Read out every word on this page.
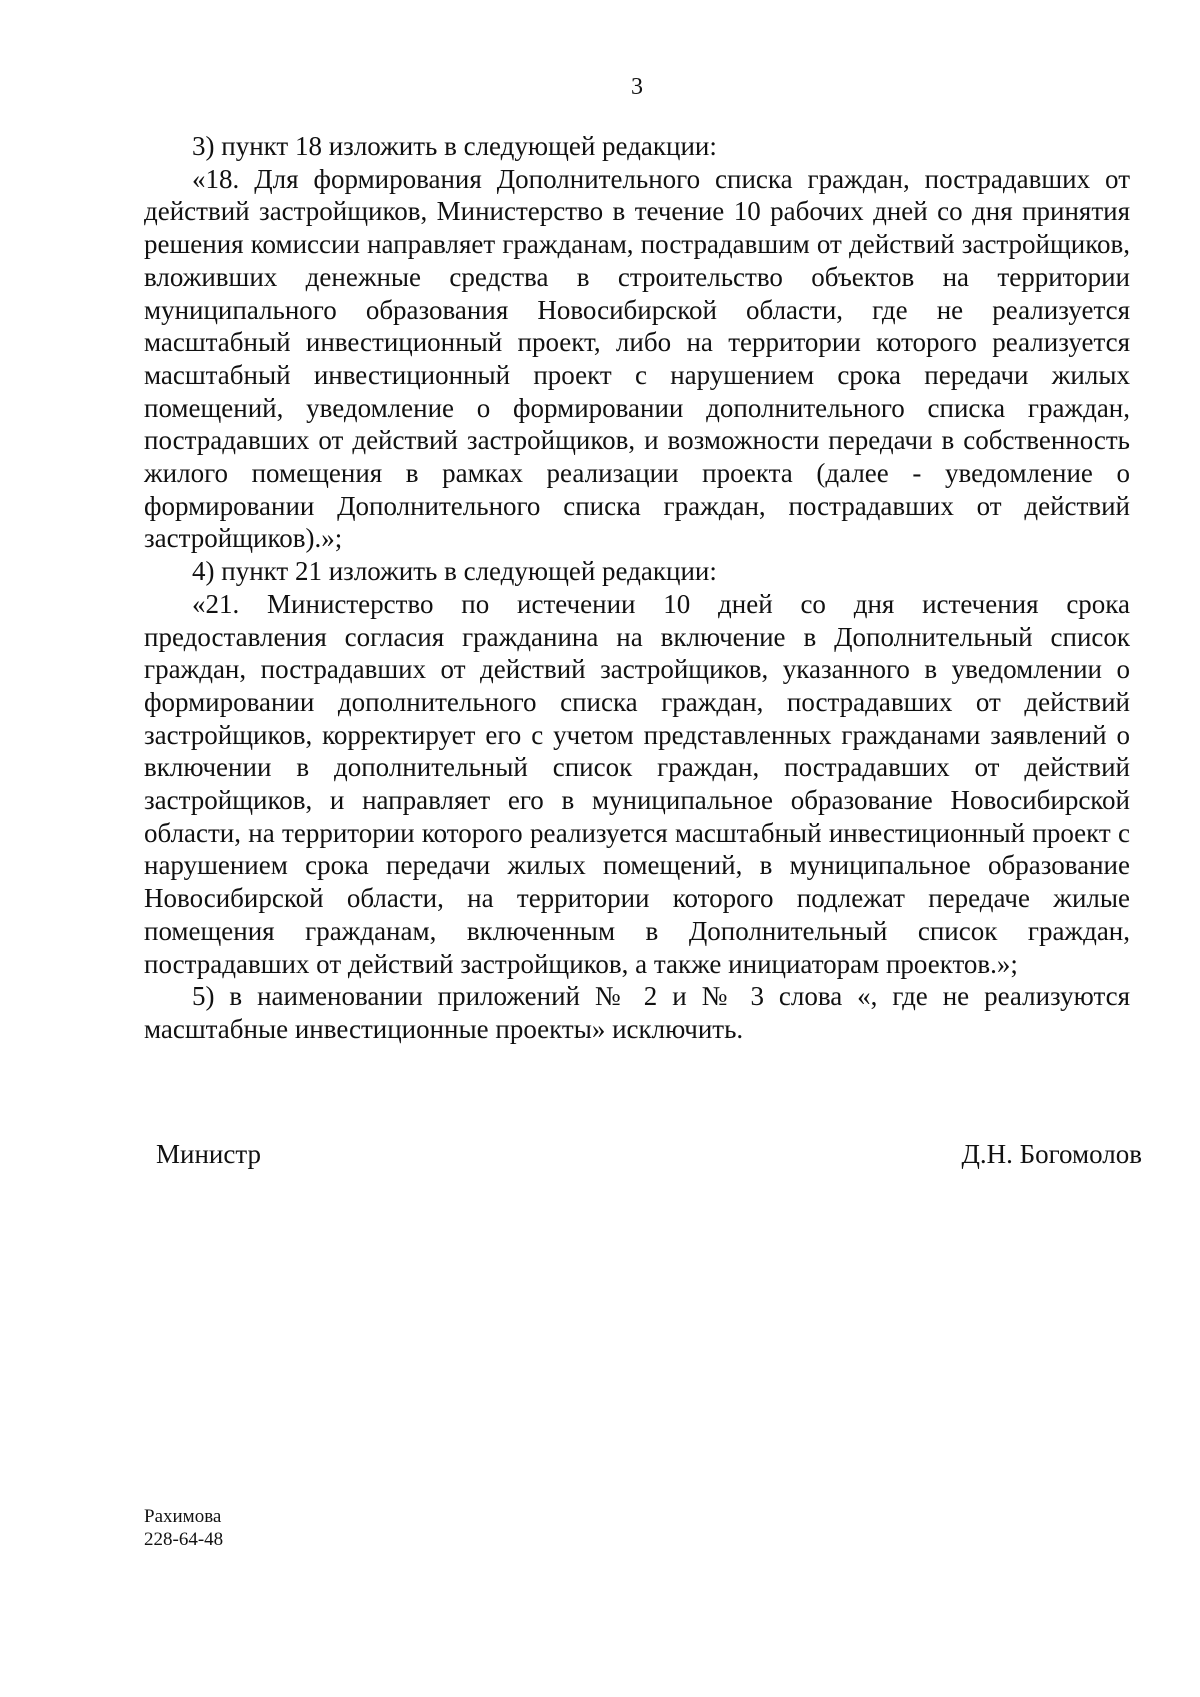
3

3) пункт 18 изложить в следующей редакции:

«18. Для формирования Дополнительного списка граждан, пострадавших от действий застройщиков, Министерство в течение 10 рабочих дней со дня принятия решения комиссии направляет гражданам, пострадавшим от действий застройщиков, вложивших денежные средства в строительство объектов на территории муниципального образования Новосибирской области, где не реализуется масштабный инвестиционный проект, либо на территории которого реализуется масштабный инвестиционный проект с нарушением срока передачи жилых помещений, уведомление о формировании дополнительного списка граждан, пострадавших от действий застройщиков, и возможности передачи в собственность жилого помещения в рамках реализации проекта (далее - уведомление о формировании Дополнительного списка граждан, пострадавших от действий застройщиков).»;

4) пункт 21 изложить в следующей редакции:

«21. Министерство по истечении 10 дней со дня истечения срока предоставления согласия гражданина на включение в Дополнительный список граждан, пострадавших от действий застройщиков, указанного в уведомлении о формировании дополнительного списка граждан, пострадавших от действий застройщиков, корректирует его с учетом представленных гражданами заявлений о включении в дополнительный список граждан, пострадавших от действий застройщиков, и направляет его в муниципальное образование Новосибирской области, на территории которого реализуется масштабный инвестиционный проект с нарушением срока передачи жилых помещений, в муниципальное образование Новосибирской области, на территории которого подлежат передаче жилые помещения гражданам, включенным в Дополнительный список граждан, пострадавших от действий застройщиков, а также инициаторам проектов.»;

5) в наименовании приложений № 2 и № 3 слова «, где не реализуются масштабные инвестиционные проекты» исключить.

Министр	Д.Н. Богомолов
Рахимова
228-64-48
